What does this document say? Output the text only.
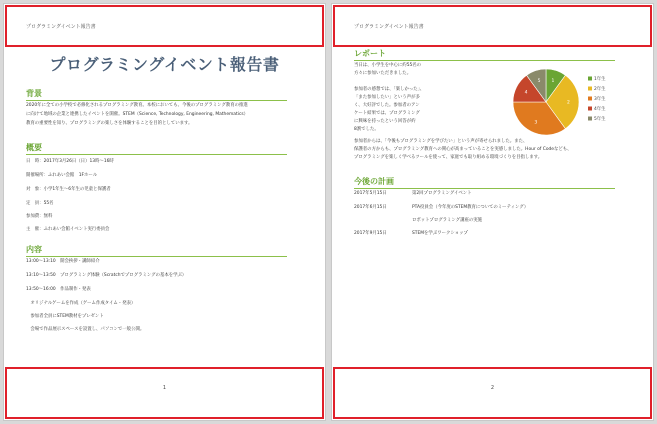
プログラミングイベント報告書
プログラミングイベント報告書
背景
2020年に全ての小学校で必修化されるプログラミング教育。本校においても、今後のプログラミング教育の推進
に向けて地域の企業と連携したイベントを開催。STEM（Science, Technology, Engineering, Mathematics）
教育の重要性を知り、プログラミングの楽しさを体験することを目的としています。
概要
日　時：2017年3月26日（日）13時〜16時
開催場所：ふれあい会館　1Fホール
対　象：小学1年生〜6年生の児童と保護者
定　員：55名
参加費：無料
主　催：ふれあい会館イベント実行委員会
内容
13:00〜13:10　開会挨拶・講師紹介
13:10〜13:50　プログラミング体験（Scratchでプログラミングの基本を学ぶ）
13:50〜16:00　作品制作・発表
　オリジナルゲームを作成（ゲーム作成タイム・発表）
　参加者全員にSTEM教材をプレゼント
　会場で作品展示スペースを設置し、パソコンで一般公開。
1
プログラミングイベント報告書
レポート
当日は、小学生を中心に約55名の
方々に参加いただきました。
参加者の感想では、「楽しかった」、
「また参加したい」という声が多
く、大好評でした。参加者のアン
ケート結果では、プログラミング
に興味を持ったという回答が約
8割でした。
参加者からは、「今後もプログラミングを学びたい」という声が寄せられました。また、
保護者の方からも、プログラミング教育への関心が高まっていることを実感しました。Hour of Codeなども、
プログラミングを楽しく学べるツールを使って、家庭でも取り組める環境づくりを目指します。
1
2
3
4
5	1年生
2年生
3年生
4年生
5年生
今後の計画
2017年5月15日	第2回プログラミングイベント
2017年6月15日	PTA役員会（今年度のSTEM教育についてのミーティング）
ロボットプログラミング講座の実施
2017年9月15日	STEMを学ぶワークショップ
2
